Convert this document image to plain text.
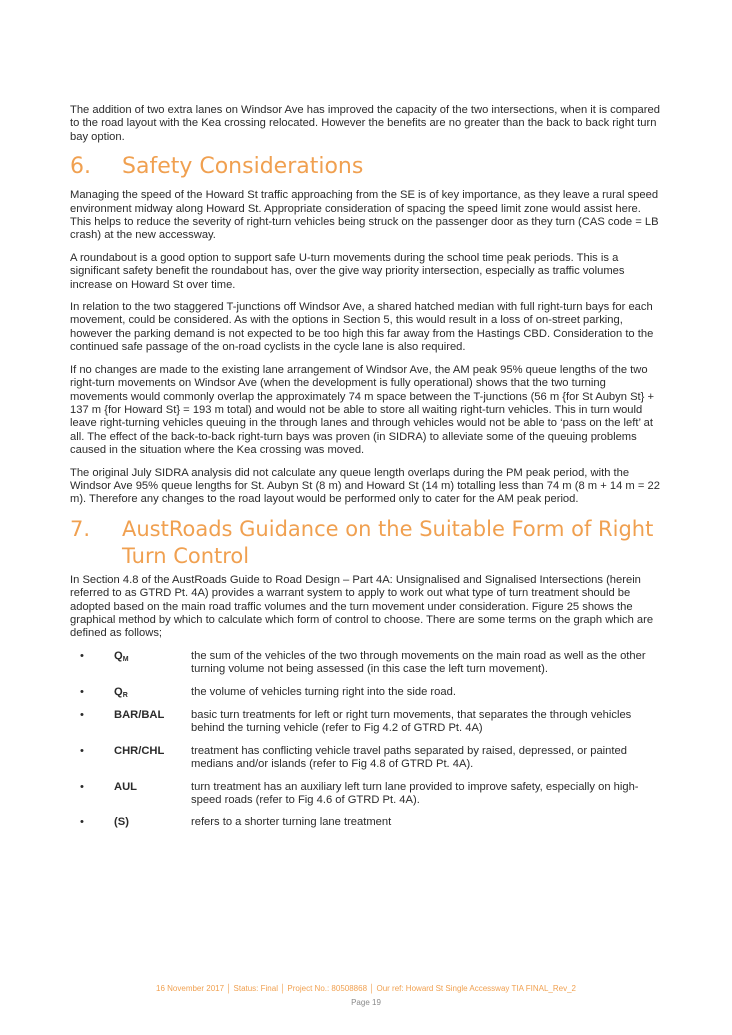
The addition of two extra lanes on Windsor Ave has improved the capacity of the two intersections, when it is compared to the road layout with the Kea crossing relocated. However the benefits are no greater than the back to back right turn bay option.

6.	Safety Considerations

Managing the speed of the Howard St traffic approaching from the SE is of key importance, as they leave a rural speed environment midway along Howard St. Appropriate consideration of spacing the speed limit zone would assist here. This helps to reduce the severity of right-turn vehicles being struck on the passenger door as they turn (CAS code = LB crash) at the new accessway.

A roundabout is a good option to support safe U-turn movements during the school time peak periods. This is a significant safety benefit the roundabout has, over the give way priority intersection, especially as traffic volumes increase on Howard St over time.

In relation to the two staggered T-junctions off Windsor Ave, a shared hatched median with full right-turn bays for each movement, could be considered. As with the options in Section 5, this would result in a loss of on-street parking, however the parking demand is not expected to be too high this far away from the Hastings CBD. Consideration to the continued safe passage of the on-road cyclists in the cycle lane is also required.

If no changes are made to the existing lane arrangement of Windsor Ave, the AM peak 95% queue lengths of the two right-turn movements on Windsor Ave (when the development is fully operational) shows that the two turning movements would commonly overlap the approximately 74 m space between the T-junctions (56 m {for St Aubyn St} + 137 m {for Howard St} = 193 m total) and would not be able to store all waiting right-turn vehicles. This in turn would leave right-turning vehicles queuing in the through lanes and through vehicles would not be able to ‘pass on the left’ at all. The effect of the back-to-back right-turn bays was proven (in SIDRA) to alleviate some of the queuing problems caused in the situation where the Kea crossing was moved.

The original July SIDRA analysis did not calculate any queue length overlaps during the PM peak period, with the Windsor Ave 95% queue lengths for St. Aubyn St (8 m) and Howard St (14 m) totalling less than 74 m (8 m + 14 m = 22 m). Therefore any changes to the road layout would be performed only to cater for the AM peak period.

7.	AustRoads Guidance on the Suitable Form of Right Turn Control

In Section 4.8 of the AustRoads Guide to Road Design – Part 4A: Unsignalised and Signalised Intersections (herein referred to as GTRD Pt. 4A) provides a warrant system to apply to work out what type of turn treatment should be adopted based on the main road traffic volumes and the turn movement under consideration. Figure 25 shows the graphical method by which to calculate which form of control to choose. There are some terms on the graph which are defined as follows;

•	$Q_M$	the sum of the vehicles of the two through movements on the main road as well as the other turning volume not being assessed (in this case the left turn movement).
•	$Q_R$	the volume of vehicles turning right into the side road.
•	BAR/BAL	basic turn treatments for left or right turn movements, that separates the through vehicles behind the turning vehicle (refer to Fig 4.2 of GTRD Pt. 4A)
•	CHR/CHL	treatment has conflicting vehicle travel paths separated by raised, depressed, or painted medians and/or islands (refer to Fig 4.8 of GTRD Pt. 4A).
•	AUL	turn treatment has an auxiliary left turn lane provided to improve safety, especially on high-speed roads (refer to Fig 4.6 of GTRD Pt. 4A).
•	(S)	refers to a shorter turning lane treatment
16 November 2017 │ Status: Final │ Project No.: 80508868 │ Our ref: Howard St Single Accessway TIA FINAL_Rev_2
Page 19
